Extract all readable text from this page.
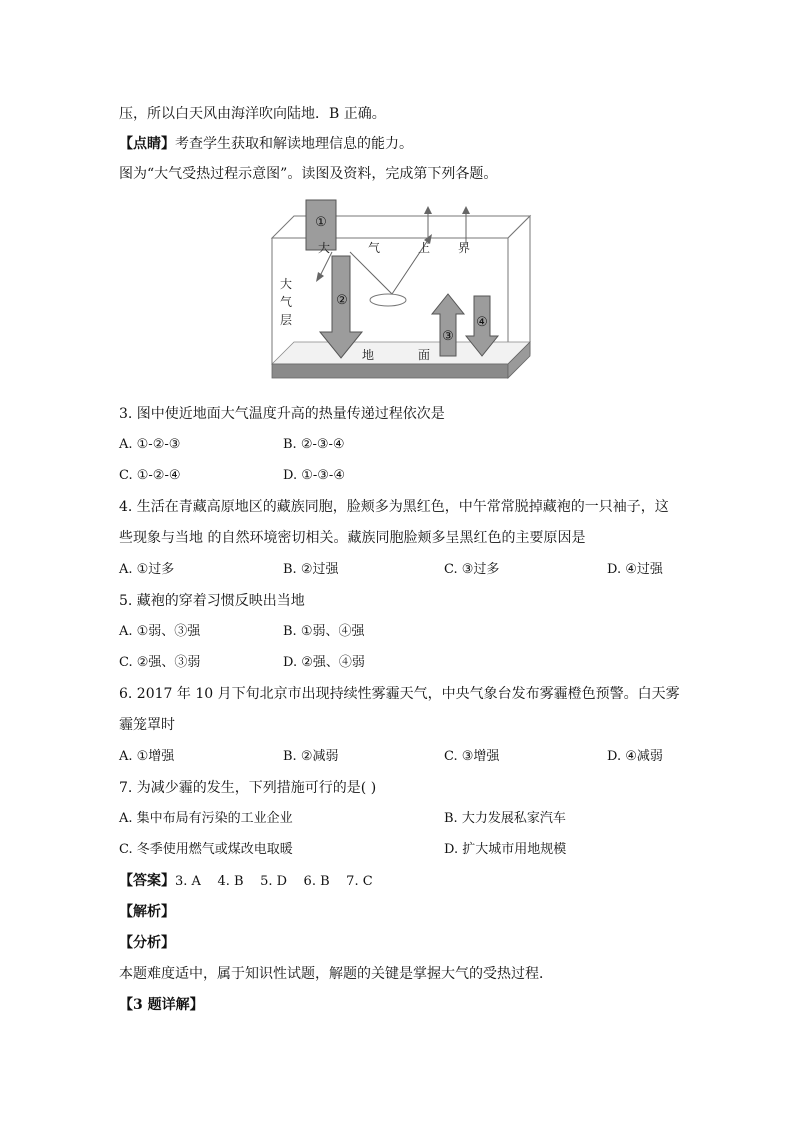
压，所以白天风由海洋吹向陆地．B 正确。
【点睛】考查学生获取和解读地理信息的能力。
图为“大气受热过程示意图”。读图及资料，完成第下列各题。
①
②
③
④
大	气	上 界
大
气
层
地	面
3. 图中使近地面大气温度升高的热量传递过程依次是
A. ①-②-③	B. ②-③-④
C. ①-②-④	D. ①-③-④
4. 生活在青藏高原地区的藏族同胞，脸颊多为黑红色，中午常常脱掉藏袍的一只袖子，这
些现象与当地 的自然环境密切相关。藏族同胞脸颊多呈黑红色的主要原因是
A. ①过多	B. ②过强	C. ③过多	D. ④过强
5. 藏袍的穿着习惯反映出当地
A. ①弱、③强	B. ①弱、④强
C. ②强、③弱	D. ②强、④弱
6. 2017 年 10 月下旬北京市出现持续性雾霾天气，中央气象台发布雾霾橙色预警。白天雾
霾笼罩时
A. ①增强	B. ②减弱	C. ③增强	D. ④减弱
7. 为减少霾的发生，下列措施可行的是( )
A. 集中布局有污染的工业企业	B. 大力发展私家汽车
C. 冬季使用燃气或煤改电取暖	D. 扩大城市用地规模
【答案】3. A    4. B    5. D    6. B    7. C
【解析】
【分析】
本题难度适中，属于知识性试题，解题的关键是掌握大气的受热过程．
【3 题详解】
